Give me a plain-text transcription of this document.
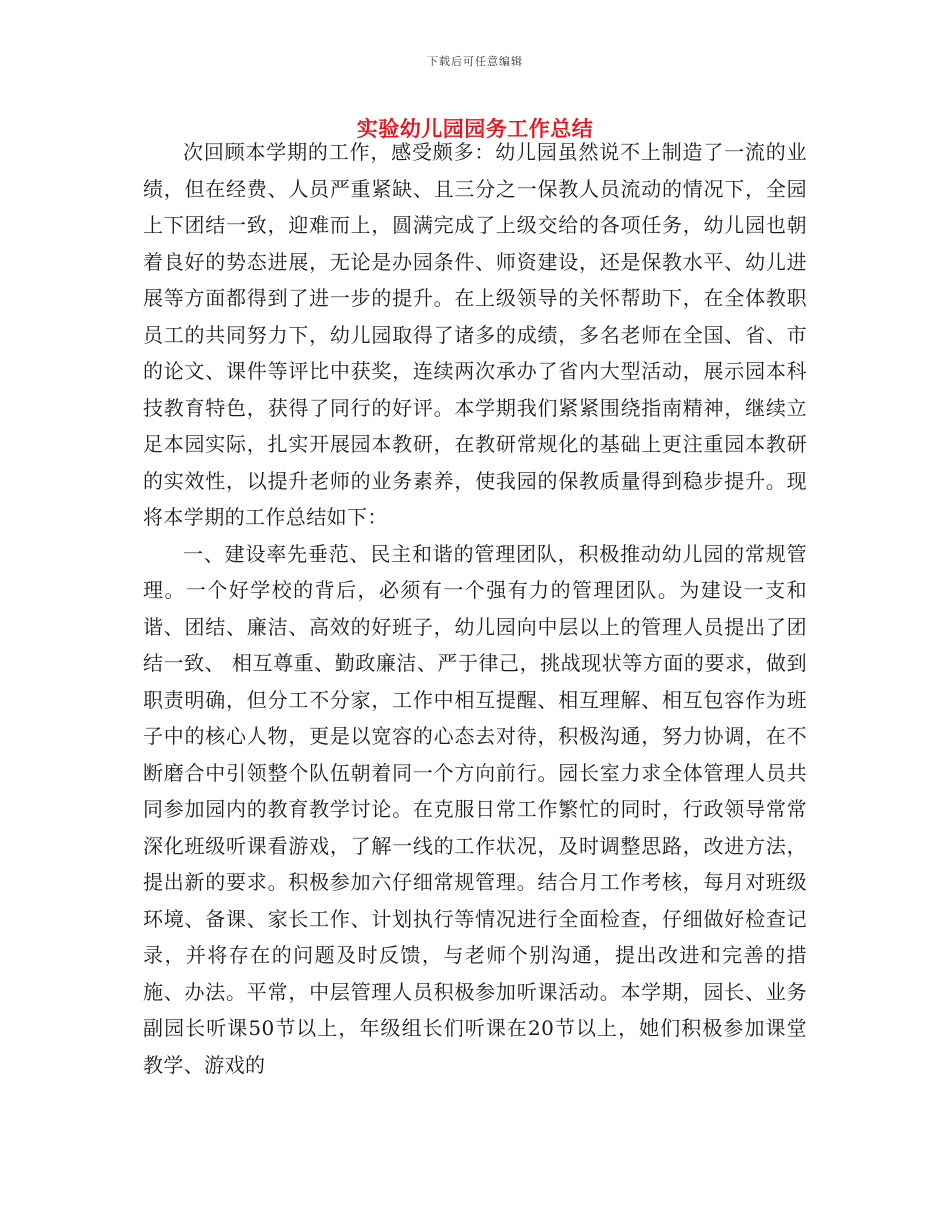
下载后可任意编辑
实验幼儿园园务工作总结

次回顾本学期的工作，感受颇多：幼儿园虽然说不上制造了一流的业绩，但在经费、人员严重紧缺、且三分之一保教人员流动的情况下，全园上下团结一致，迎难而上，圆满完成了上级交给的各项任务，幼儿园也朝着良好的势态进展，无论是办园条件、师资建设，还是保教水平、幼儿进展等方面都得到了进一步的提升。在上级领导的关怀帮助下，在全体教职员工的共同努力下，幼儿园取得了诸多的成绩，多名老师在全国、省、市的论文、课件等评比中获奖，连续两次承办了省内大型活动，展示园本科技教育特色，获得了同行的好评。本学期我们紧紧围绕指南精神，继续立足本园实际，扎实开展园本教研，在教研常规化的基础上更注重园本教研的实效性，以提升老师的业务素养，使我园的保教质量得到稳步提升。现将本学期的工作总结如下：

一、建设率先垂范、民主和谐的管理团队，积极推动幼儿园的常规管理。一个好学校的背后，必须有一个强有力的管理团队。为建设一支和谐、团结、廉洁、高效的好班子，幼儿园向中层以上的管理人员提出了团结一致、 相互尊重、勤政廉洁、严于律己，挑战现状等方面的要求，做到职责明确，但分工不分家，工作中相互提醒、相互理解、相互包容作为班子中的核心人物，更是以宽容的心态去对待，积极沟通，努力协调，在不断磨合中引领整个队伍朝着同一个方向前行。园长室力求全体管理人员共同参加园内的教育教学讨论。在克服日常工作繁忙的同时，行政领导常常深化班级听课看游戏，了解一线的工作状况，及时调整思路，改进方法，提出新的要求。积极参加六仔细常规管理。结合月工作考核，每月对班级环境、备课、家长工作、计划执行等情况进行全面检查，仔细做好检查记录，并将存在的问题及时反馈，与老师个别沟通，提出改进和完善的措施、办法。平常，中层管理人员积极参加听课活动。本学期，园长、业务副园长听课50节以上，年级组长们听课在20节以上，她们积极参加课堂教学、游戏的
